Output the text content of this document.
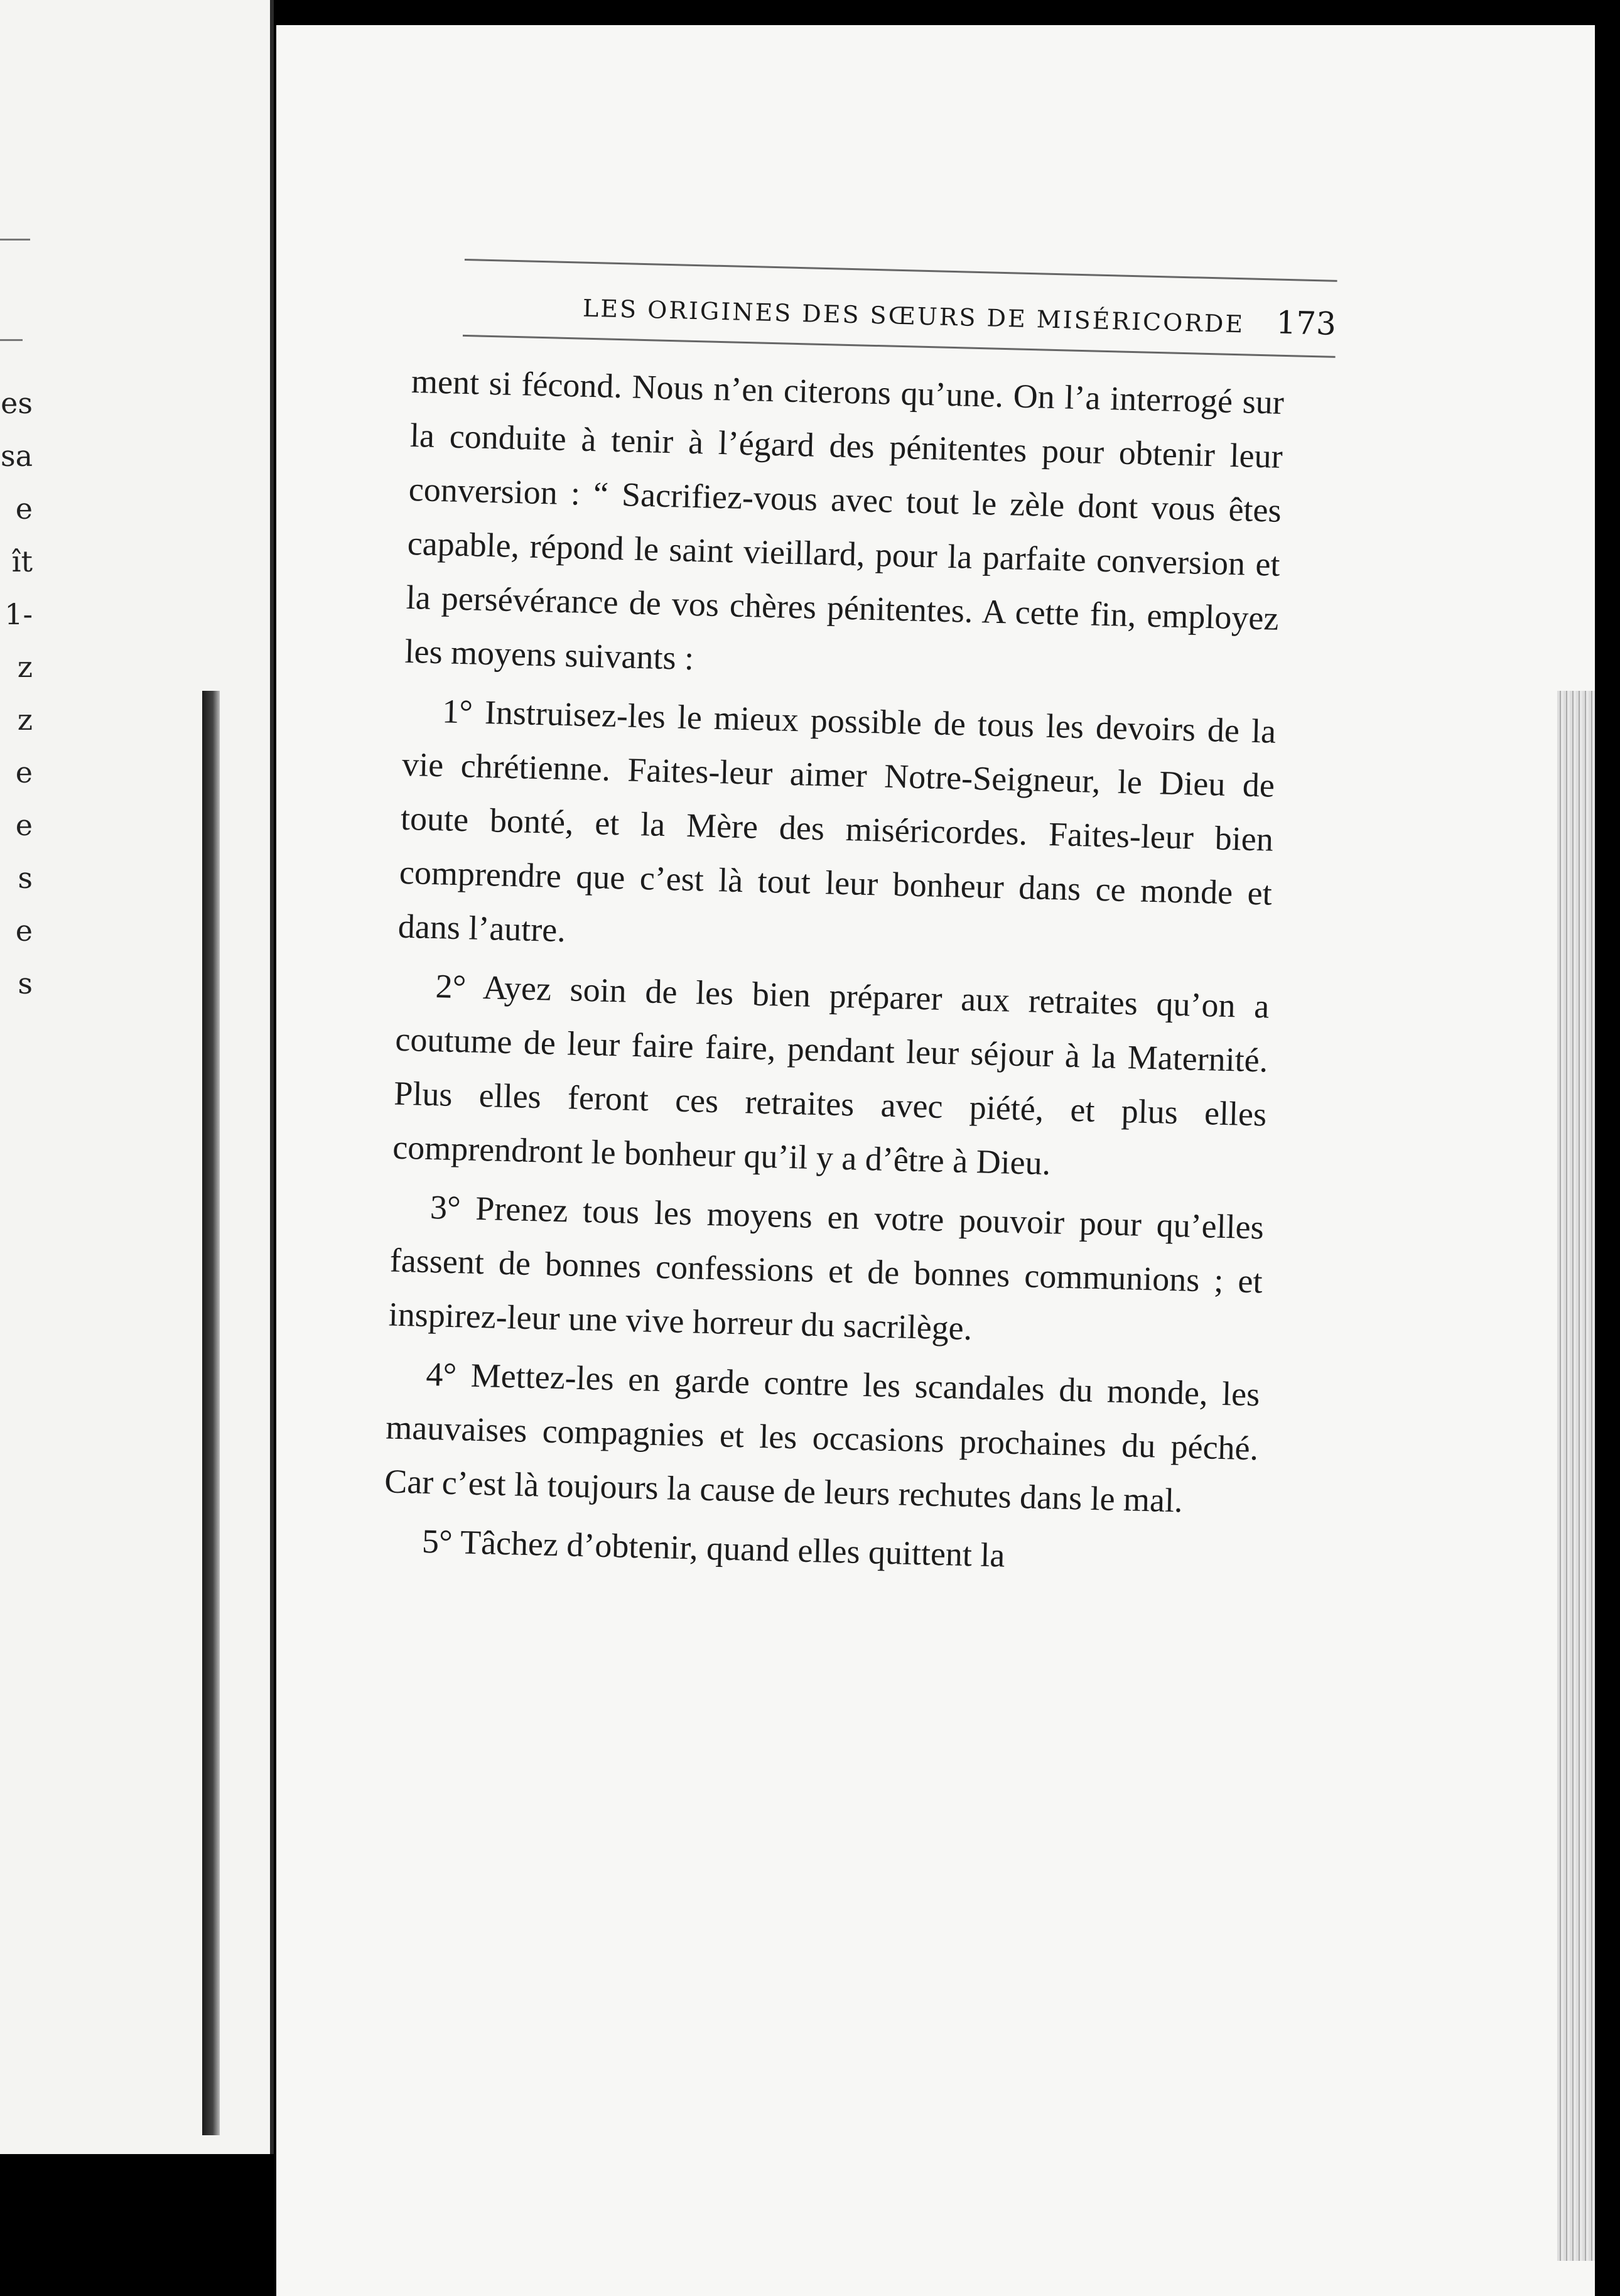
es
sa
e
ît
1-
z
z
e
e
s
e
s
LES ORIGINES DES SŒURS DE MISÉRICORDE 173

ment si fécond. Nous n’en citerons qu’une. On l’a interrogé sur la conduite à tenir à l’égard des pénitentes pour obtenir leur conversion : “ Sacrifiez-vous avec tout le zèle dont vous êtes capable, répond le saint vieillard, pour la parfaite conversion et la persévérance de vos chères pénitentes. A cette fin, employez les moyens suivants :

1° Instruisez-les le mieux possible de tous les devoirs de la vie chrétienne. Faites-leur aimer Notre-Seigneur, le Dieu de toute bonté, et la Mère des miséricordes. Faites-leur bien comprendre que c’est là tout leur bonheur dans ce monde et dans l’autre.

2° Ayez soin de les bien préparer aux retraites qu’on a coutume de leur faire faire, pendant leur séjour à la Maternité. Plus elles feront ces retraites avec piété, et plus elles comprendront le bonheur qu’il y a d’être à Dieu.

3° Prenez tous les moyens en votre pouvoir pour qu’elles fassent de bonnes confessions et de bonnes communions ; et inspirez-leur une vive horreur du sacrilège.

4° Mettez-les en garde contre les scandales du monde, les mauvaises compagnies et les occasions prochaines du péché. Car c’est là toujours la cause de leurs rechutes dans le mal.

5° Tâchez d’obtenir, quand elles quittent la
